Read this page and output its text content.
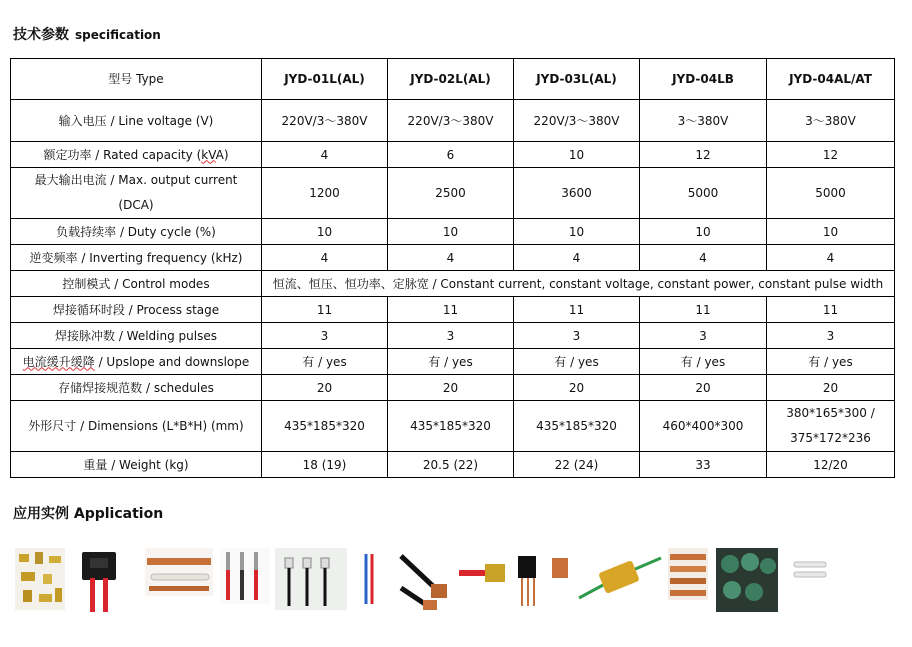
技术参数 specification
型号 Type	JYD-01L(AL)	JYD-02L(AL)	JYD-03L(AL)	JYD-04LB	JYD-04AL/AT
输入电压 / Line voltage (V)	220V/3～380V	220V/3～380V	220V/3～380V	3～380V	3～380V
额定功率 / Rated capacity (kVA)	4	6	10	12	12

最大输出电流 / Max. output current
(DCA)	1200	2500	3600	5000	5000
负载持续率 / Duty cycle (%)	10	10	10	10	10
逆变频率 / Inverting frequency (kHz)	4	4	4	4	4
控制模式 / Control modes	恒流、恒压、恒功率、定脉宽 / Constant current, constant voltage, constant power, constant pulse width				
焊接循环时段 / Process stage	11	11	11	11	11
焊接脉冲数 / Welding pulses	3	3	3	3	3
电流缓升缓降 / Upslope and downslope	有 / yes	有 / yes	有 / yes	有 / yes	有 / yes
存储焊接规范数 / schedules	20	20	20	20	20
外形尺寸 / Dimensions (L*B*H) (mm)	435*185*320	435*185*320	435*185*320	460*400*300	380*165*300 /
375*172*236

重量 / Weight (kg)	18 (19)	20.5 (22)	22 (24)	33	12/20
应用实例 Application
